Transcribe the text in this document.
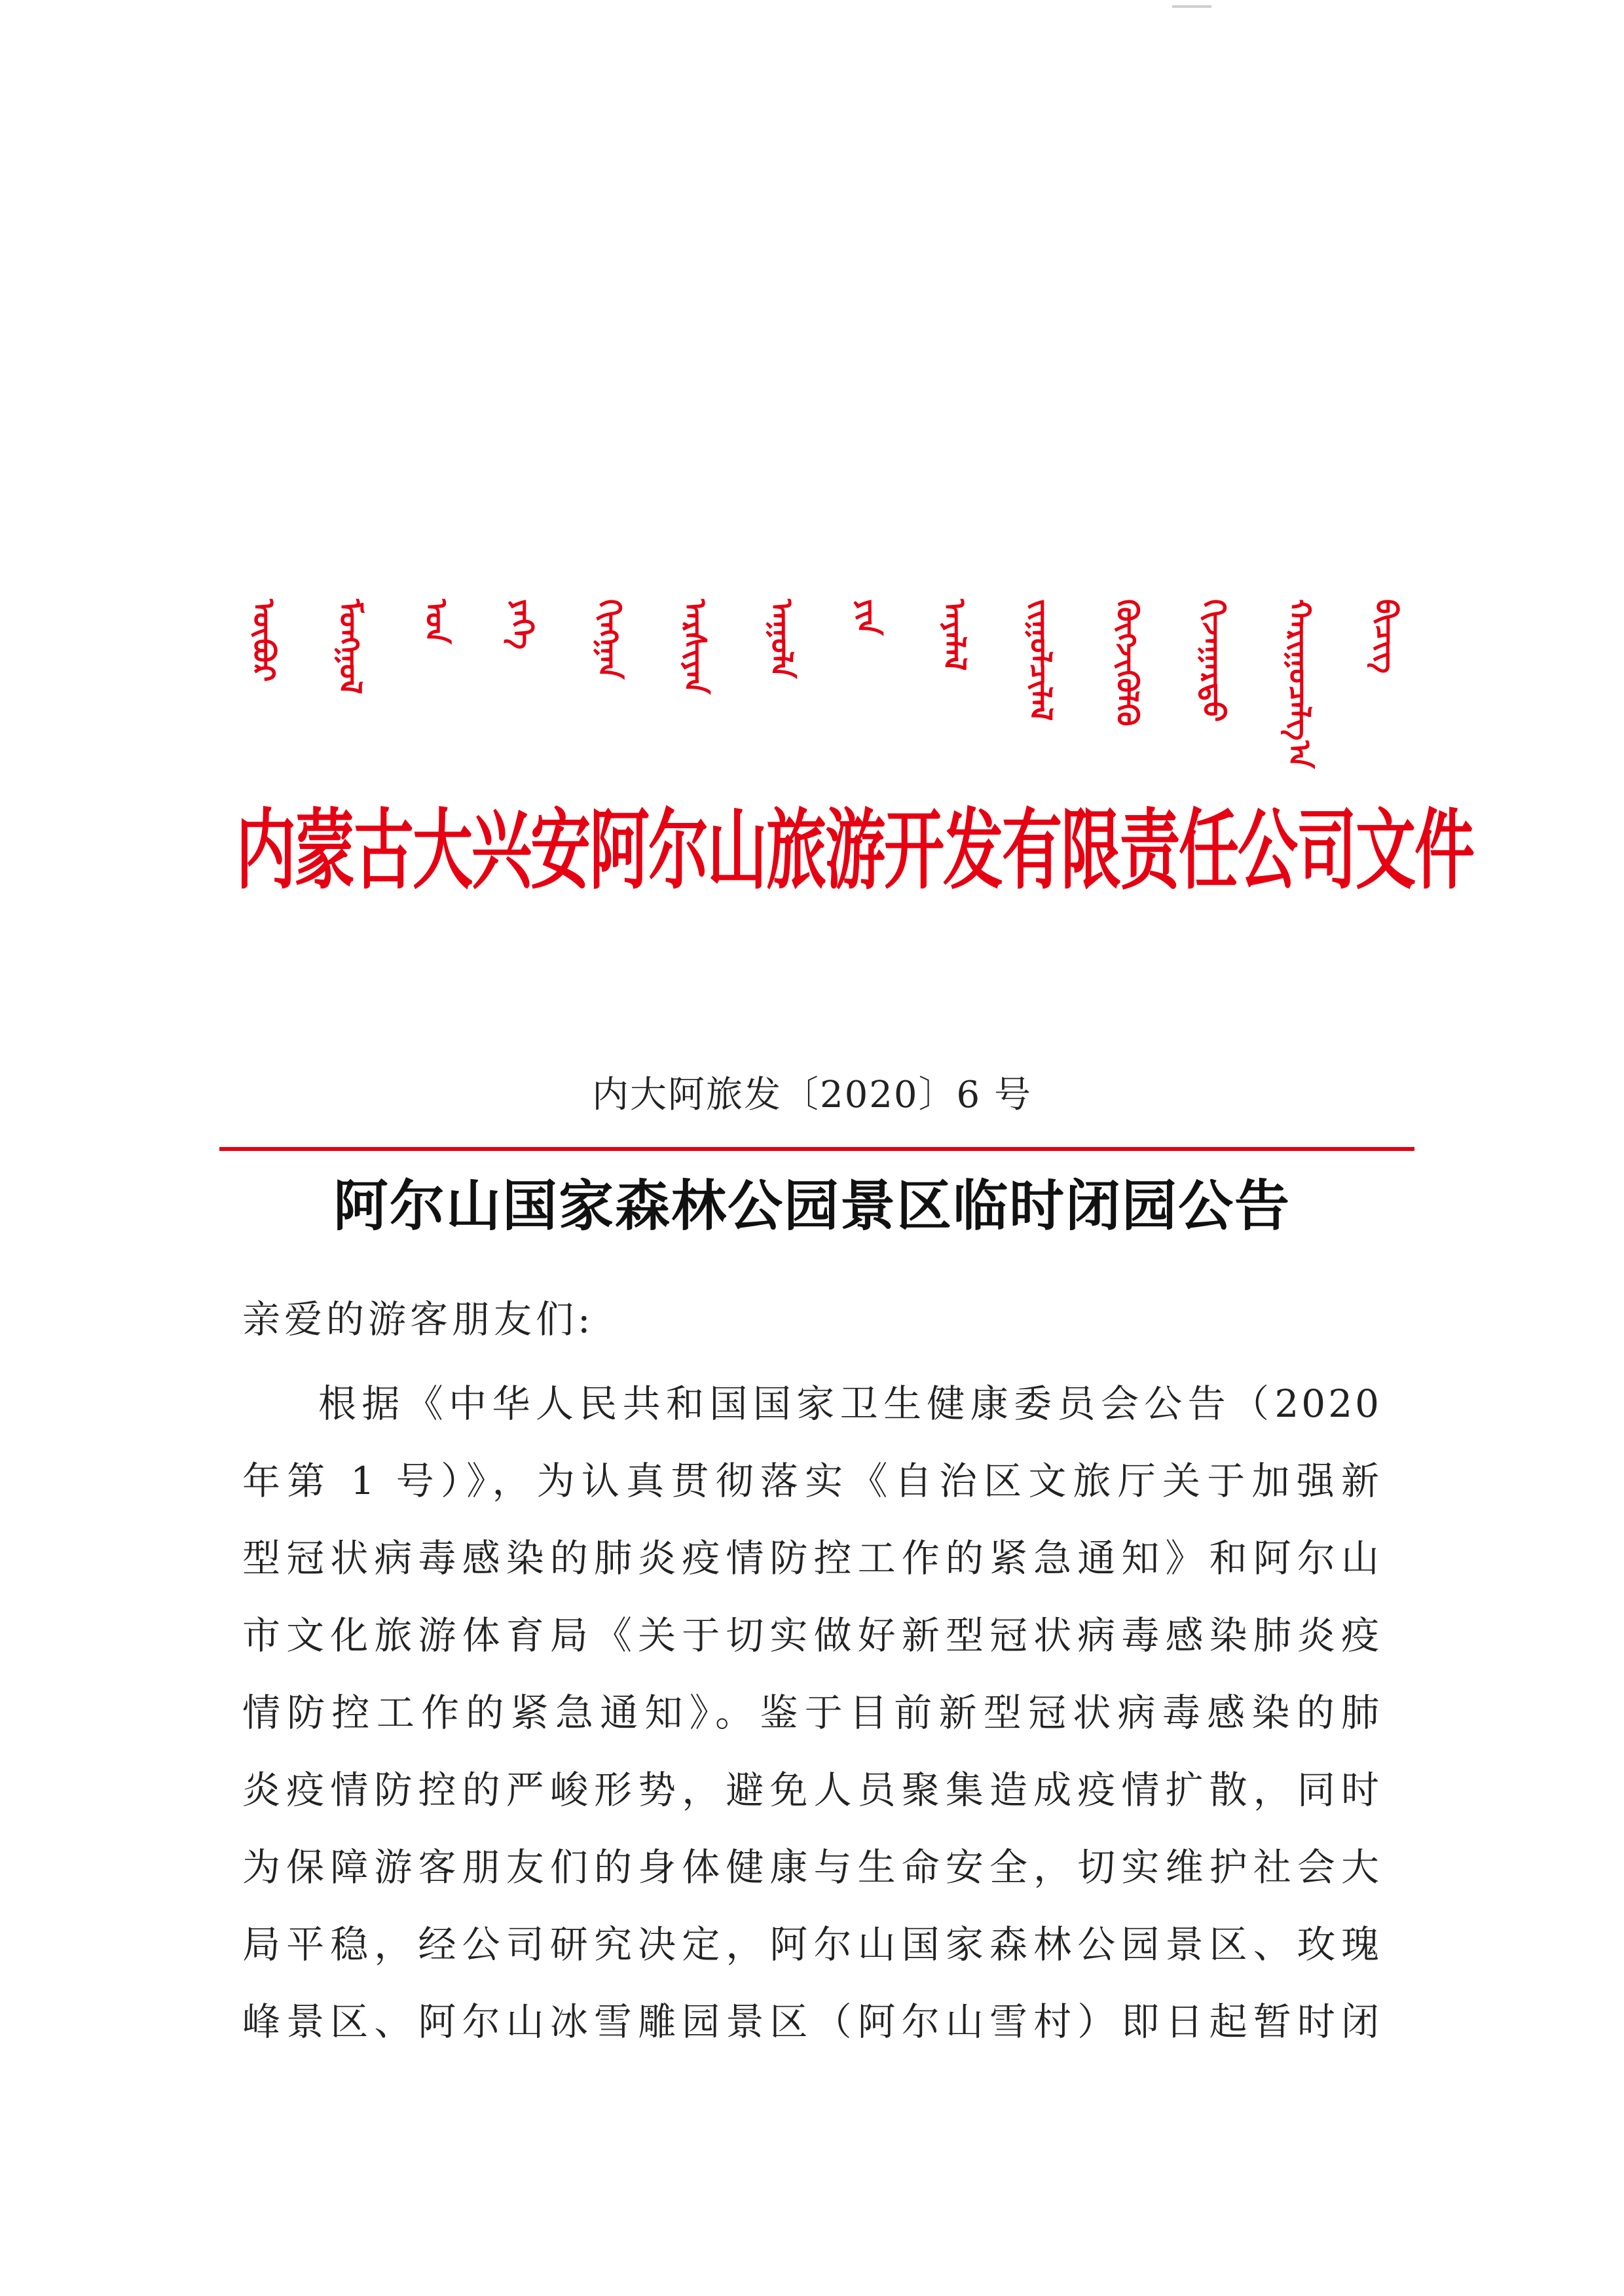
ᠦᠪᠦᠷ ᠮᠣᠩᠭᠣᠯ ᠤᠨ ᠶᠡᠬᠡ ᠬᠢᠩᠭᠠᠨ ᠠᠷᠰᠢᠶᠠᠨ ᠠᠭᠤᠯᠠ ᠶᠢᠨ ᠠᠶᠠᠯᠠᠯ ᠵᠢᠭᠤᠯᠴᠢᠯᠠᠯ ᠬᠥᠭᠵᠢᠭᠦᠯᠬᠦ ᠬᠢᠵᠠᠭᠠᠷᠲᠤ ᠬᠠᠷᠢᠭᠤᠴᠠᠯᠭ᠎ᠠ ᠪᠢᠴᠢᠭ
内蒙古大兴安阿尔山旅游开发有限责任公司文件
内大阿旅发〔2020〕6 号
阿尔山国家森林公园景区临时闭园公告
亲爱的游客朋友们:
根据《中华人民共和国国家卫生健康委员会公告（2020
年第 1 号）》，为认真贯彻落实《自治区文旅厅关于加强新
型冠状病毒感染的肺炎疫情防控工作的紧急通知》和阿尔山
市文化旅游体育局《关于切实做好新型冠状病毒感染肺炎疫
情防控工作的紧急通知》。鉴于目前新型冠状病毒感染的肺
炎疫情防控的严峻形势，避免人员聚集造成疫情扩散，同时
为保障游客朋友们的身体健康与生命安全，切实维护社会大
局平稳，经公司研究决定，阿尔山国家森林公园景区、玫瑰
峰景区、阿尔山冰雪雕园景区（阿尔山雪村）即日起暂时闭
